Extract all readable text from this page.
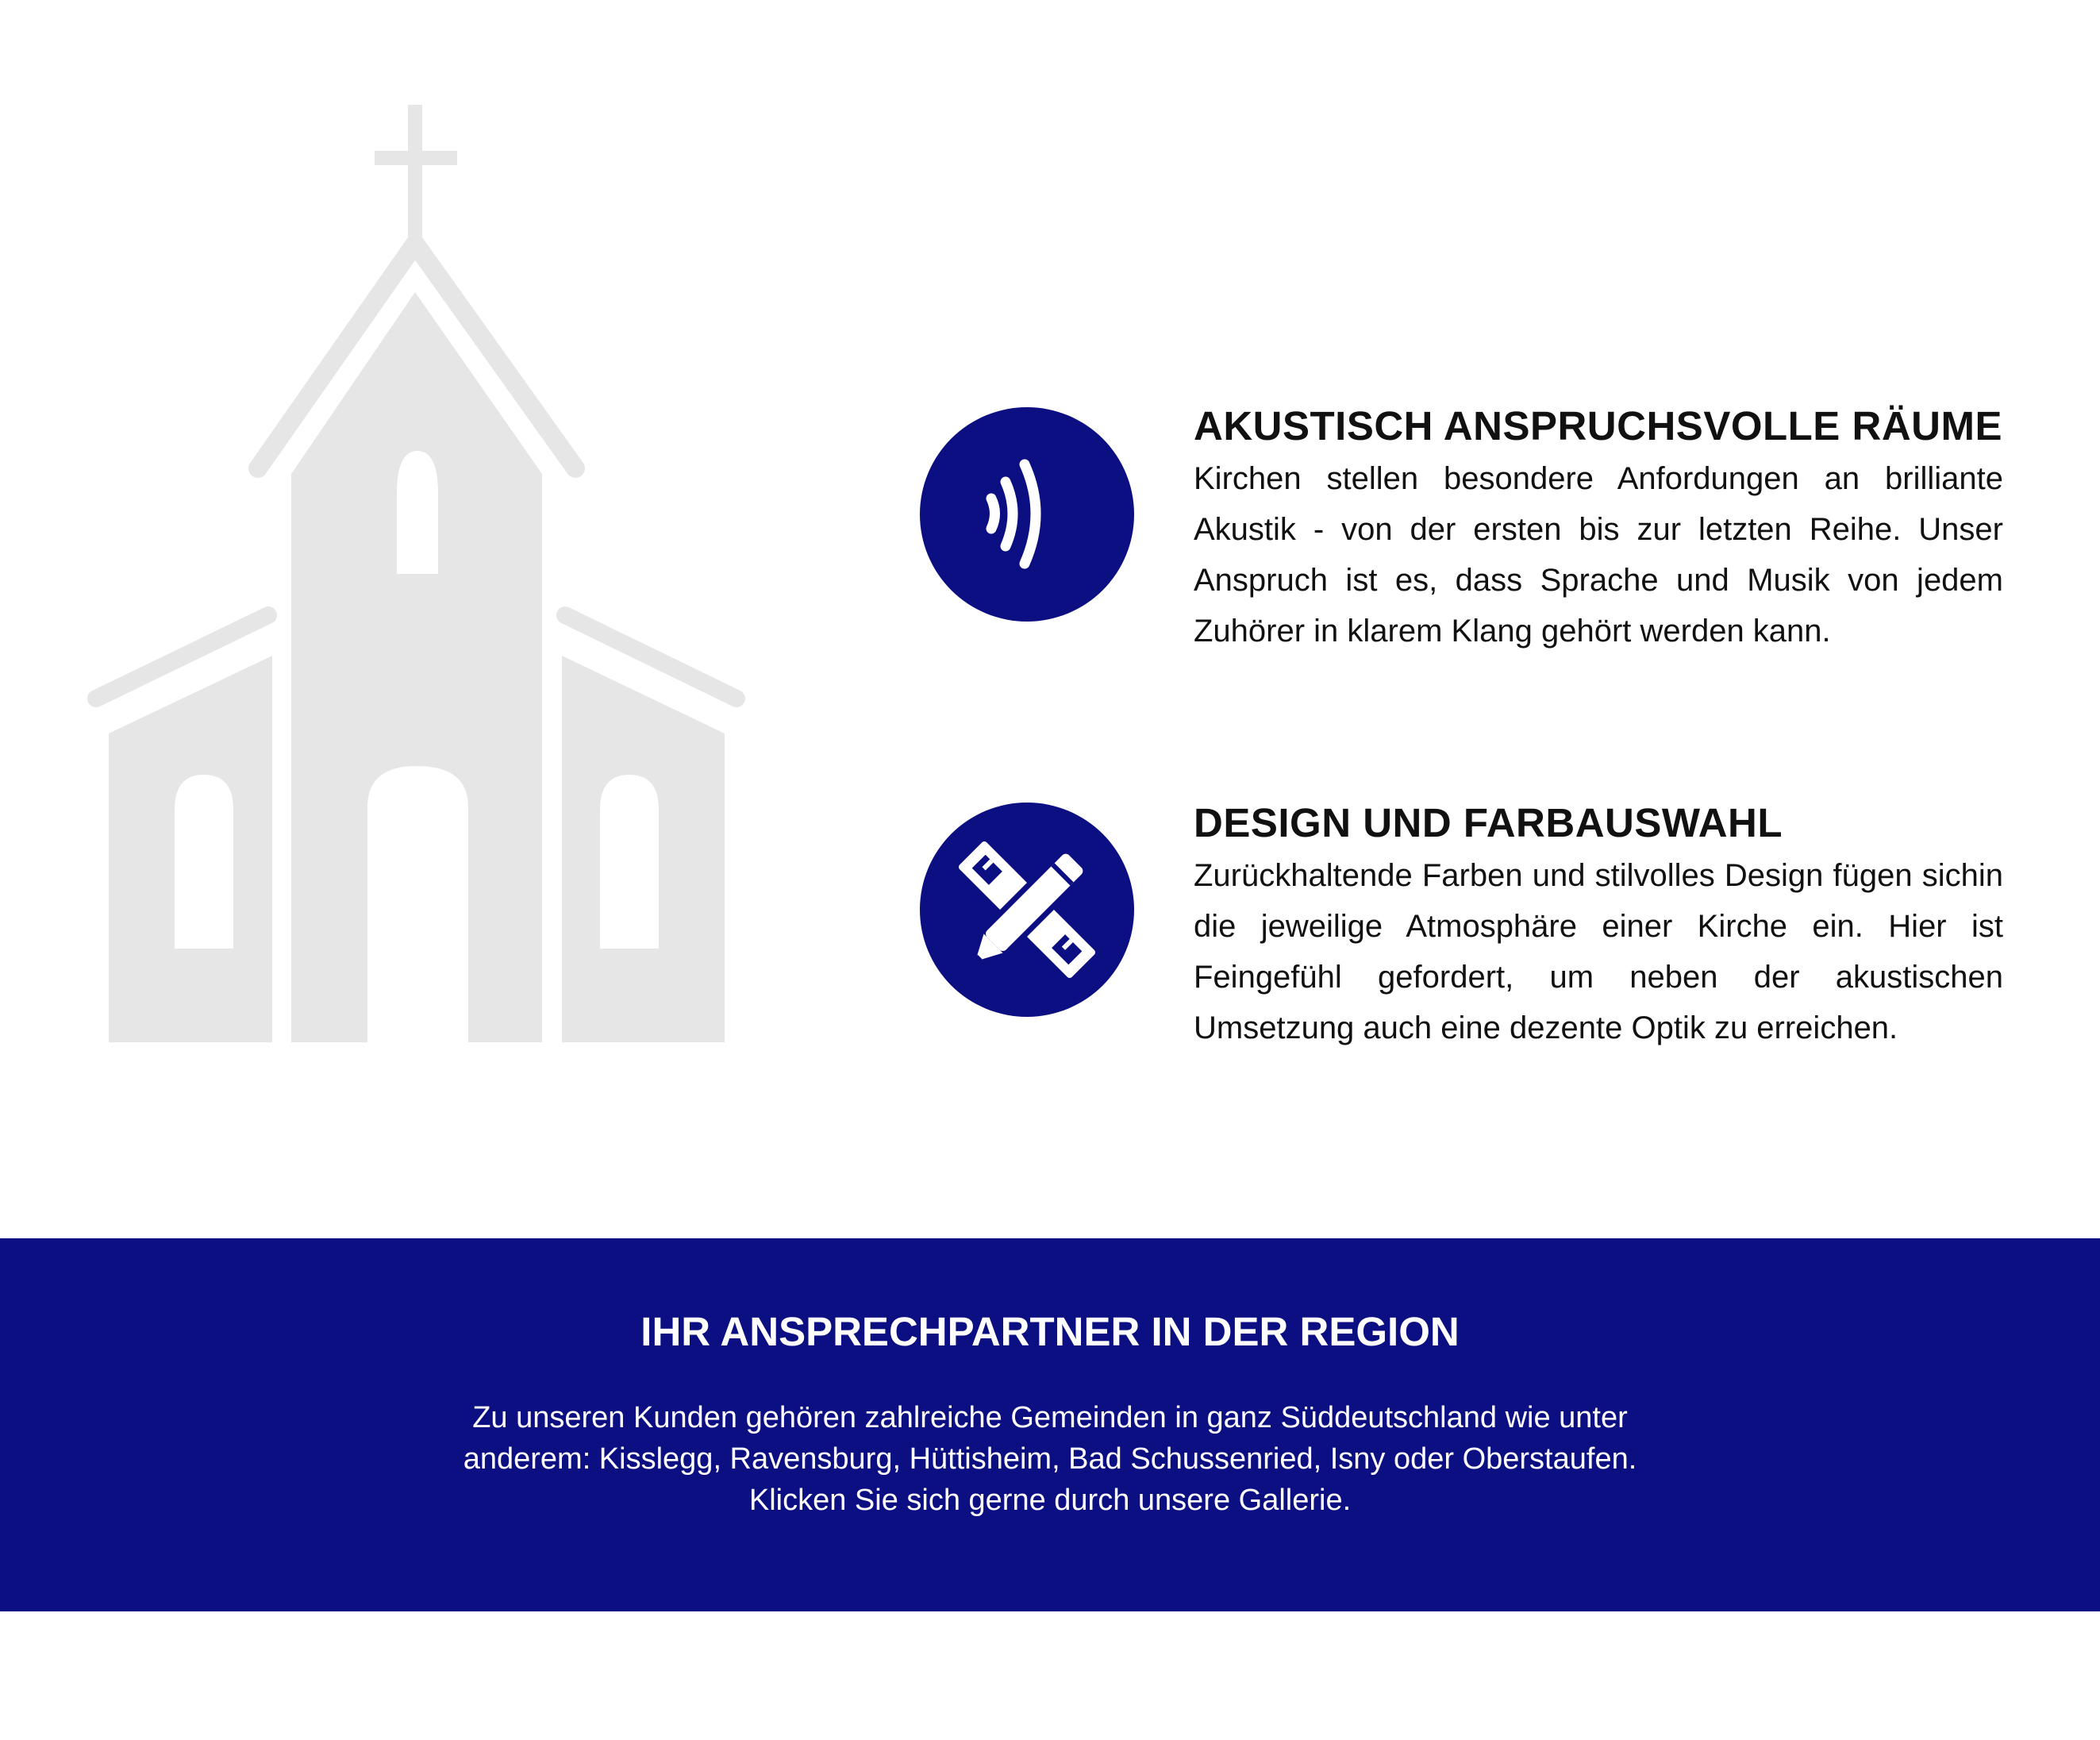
AKUSTISCH ANSPRUCHSVOLLE RÄUME

Kirchen stellen besondere Anfordungen an brilliante Akustik - von der ersten bis zur letzten Reihe. Unser Anspruch ist es, dass Sprache und Musik von jedem Zuhörer in klarem Klang gehört werden kann.

DESIGN UND FARBAUSWAHL

Zurückhaltende Farben und stilvolles Design fügen sichin die jeweilige Atmosphäre einer Kirche ein. Hier ist Feingefühl gefordert, um neben der akustischen Umsetzung auch eine dezente Optik zu erreichen.

IHR ANSPRECHPARTNER IN DER REGION

Zu unseren Kunden gehören zahlreiche Gemeinden in ganz Süddeutschland wie unter
anderem: Kisslegg, Ravensburg, Hüttisheim, Bad Schussenried, Isny oder Oberstaufen.
Klicken Sie sich gerne durch unsere Gallerie.
